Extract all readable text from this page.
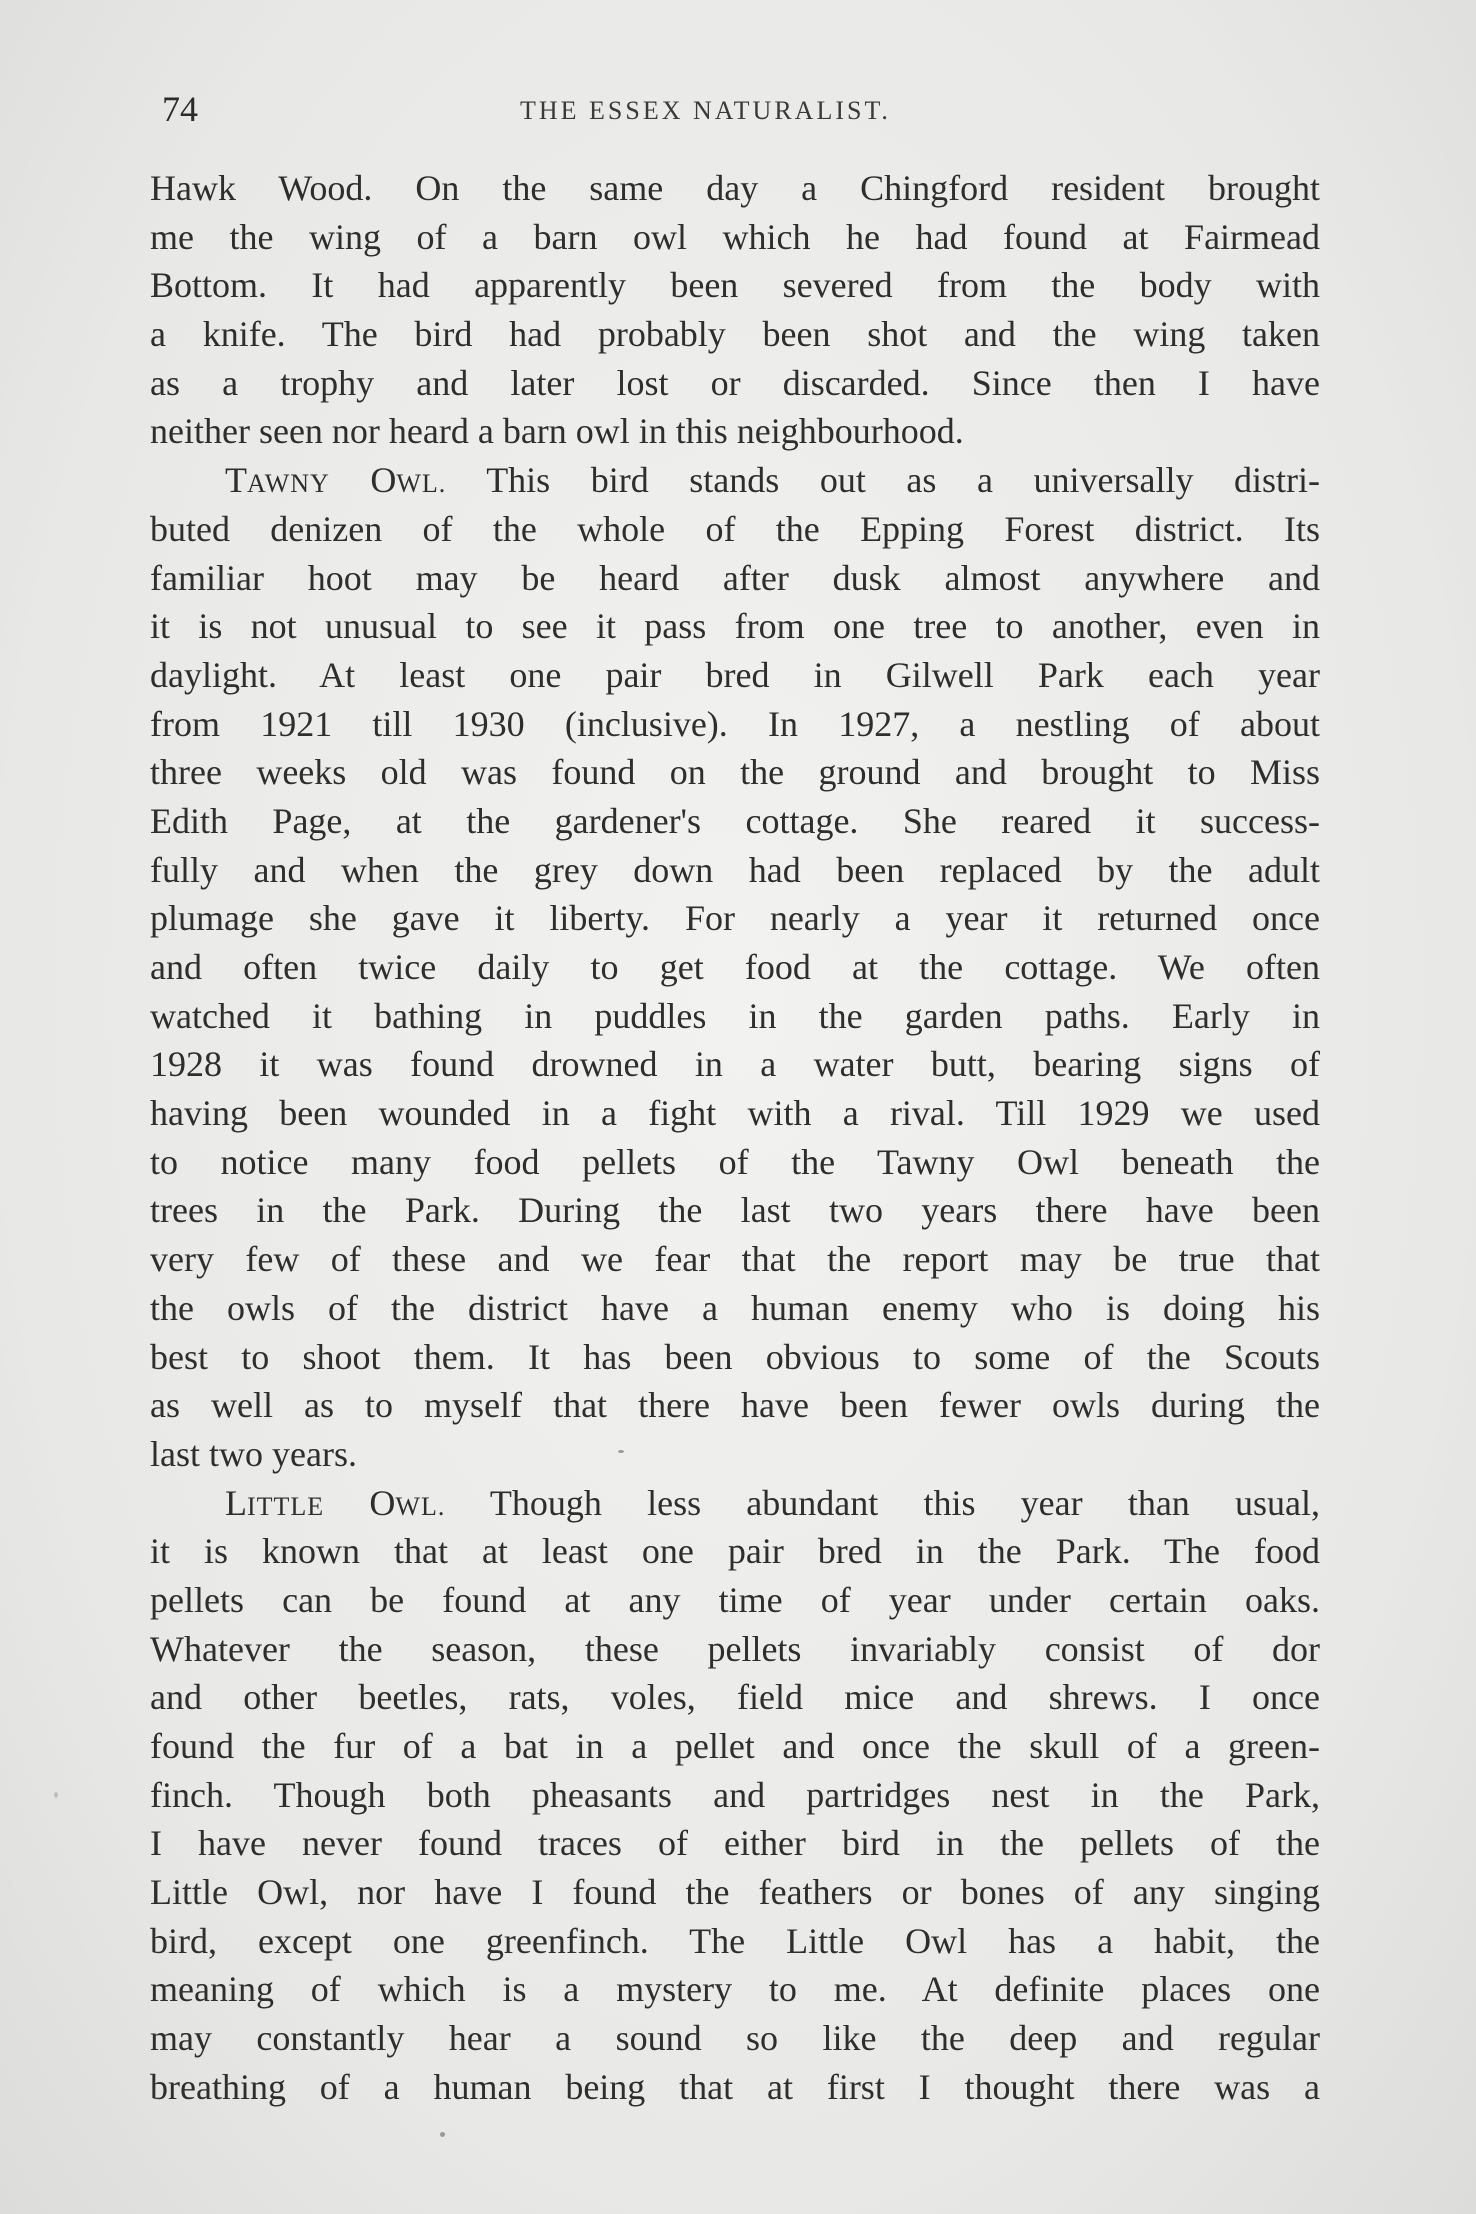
74	THE ESSEX NATURALIST.
Hawk Wood. On the same day a Chingford resident brought
me the wing of a barn owl which he had found at Fairmead
Bottom. It had apparently been severed from the body with
a knife. The bird had probably been shot and the wing taken
as a trophy and later lost or discarded. Since then I have
neither seen nor heard a barn owl in this neighbourhood.
TAWNY OWL. This bird stands out as a universally distri-
buted denizen of the whole of the Epping Forest district. Its
familiar hoot may be heard after dusk almost anywhere and
it is not unusual to see it pass from one tree to another, even in
daylight. At least one pair bred in Gilwell Park each year
from 1921 till 1930 (inclusive). In 1927, a nestling of about
three weeks old was found on the ground and brought to Miss
Edith Page, at the gardener's cottage. She reared it success-
fully and when the grey down had been replaced by the adult
plumage she gave it liberty. For nearly a year it returned once
and often twice daily to get food at the cottage. We often
watched it bathing in puddles in the garden paths. Early in
1928 it was found drowned in a water butt, bearing signs of
having been wounded in a fight with a rival. Till 1929 we used
to notice many food pellets of the Tawny Owl beneath the
trees in the Park. During the last two years there have been
very few of these and we fear that the report may be true that
the owls of the district have a human enemy who is doing his
best to shoot them. It has been obvious to some of the Scouts
as well as to myself that there have been fewer owls during the
last two years.
LITTLE OWL. Though less abundant this year than usual,
it is known that at least one pair bred in the Park. The food
pellets can be found at any time of year under certain oaks.
Whatever the season, these pellets invariably consist of dor
and other beetles, rats, voles, field mice and shrews. I once
found the fur of a bat in a pellet and once the skull of a green-
finch. Though both pheasants and partridges nest in the Park,
I have never found traces of either bird in the pellets of the
Little Owl, nor have I found the feathers or bones of any singing
bird, except one greenfinch. The Little Owl has a habit, the
meaning of which is a mystery to me. At definite places one
may constantly hear a sound so like the deep and regular
breathing of a human being that at first I thought there was a
